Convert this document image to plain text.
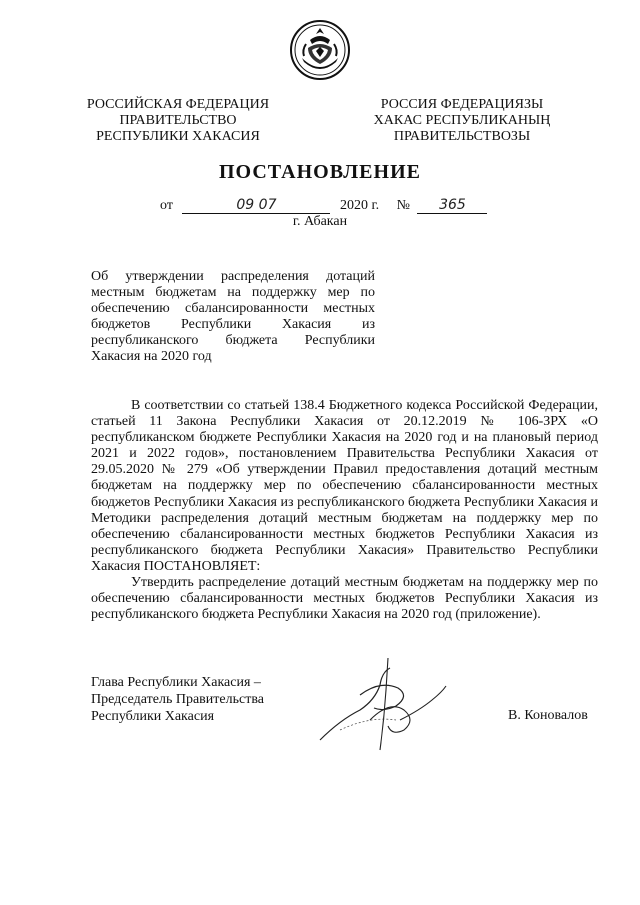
РОССИЙСКАЯ ФЕДЕРАЦИЯ
ПРАВИТЕЛЬСТВО
РЕСПУБЛИКИ ХАКАСИЯ
РОССИЯ ФЕДЕРАЦИЯЗЫ
ХАКАС РЕСПУБЛИКАНЫҢ
ПРАВИТЕЛЬСТВОЗЫ
ПОСТАНОВЛЕНИЕ
от	09 07	2020 г. № 365
г. Абакан
Об утверждении распределения дотаций местным бюджетам на поддержку мер по обеспечению сбалансированности местных бюджетов Республики Хакасия из республиканского бюджета Республики Хакасия на 2020 год

В соответствии со статьей 138.4 Бюджетного кодекса Российской Федерации, статьей 11 Закона Республики Хакасия от 20.12.2019 № 106-ЗРХ «О республиканском бюджете Республики Хакасия на 2020 год и на плановый период 2021 и 2022 годов», постановлением Правительства Республики Хакасия от 29.05.2020 № 279 «Об утверждении Правил предоставления дотаций местным бюджетам на поддержку мер по обеспечению сбалансированности местных бюджетов Республики Хакасия из республиканского бюджета Республики Хакасия и Методики распределения дотаций местным бюджетам на поддержку мер по обеспечению сбалансированности местных бюджетов Республики Хакасия из республиканского бюджета Республики Хакасия» Правительство Республики Хакасия ПОСТАНОВЛЯЕТ:

Утвердить распределение дотаций местным бюджетам на поддержку мер по обеспечению сбалансированности местных бюджетов Республики Хакасия из республиканского бюджета Республики Хакасия на 2020 год (приложение).

Глава Республики Хакасия –
Председатель Правительства
Республики Хакасия	В. Коновалов
